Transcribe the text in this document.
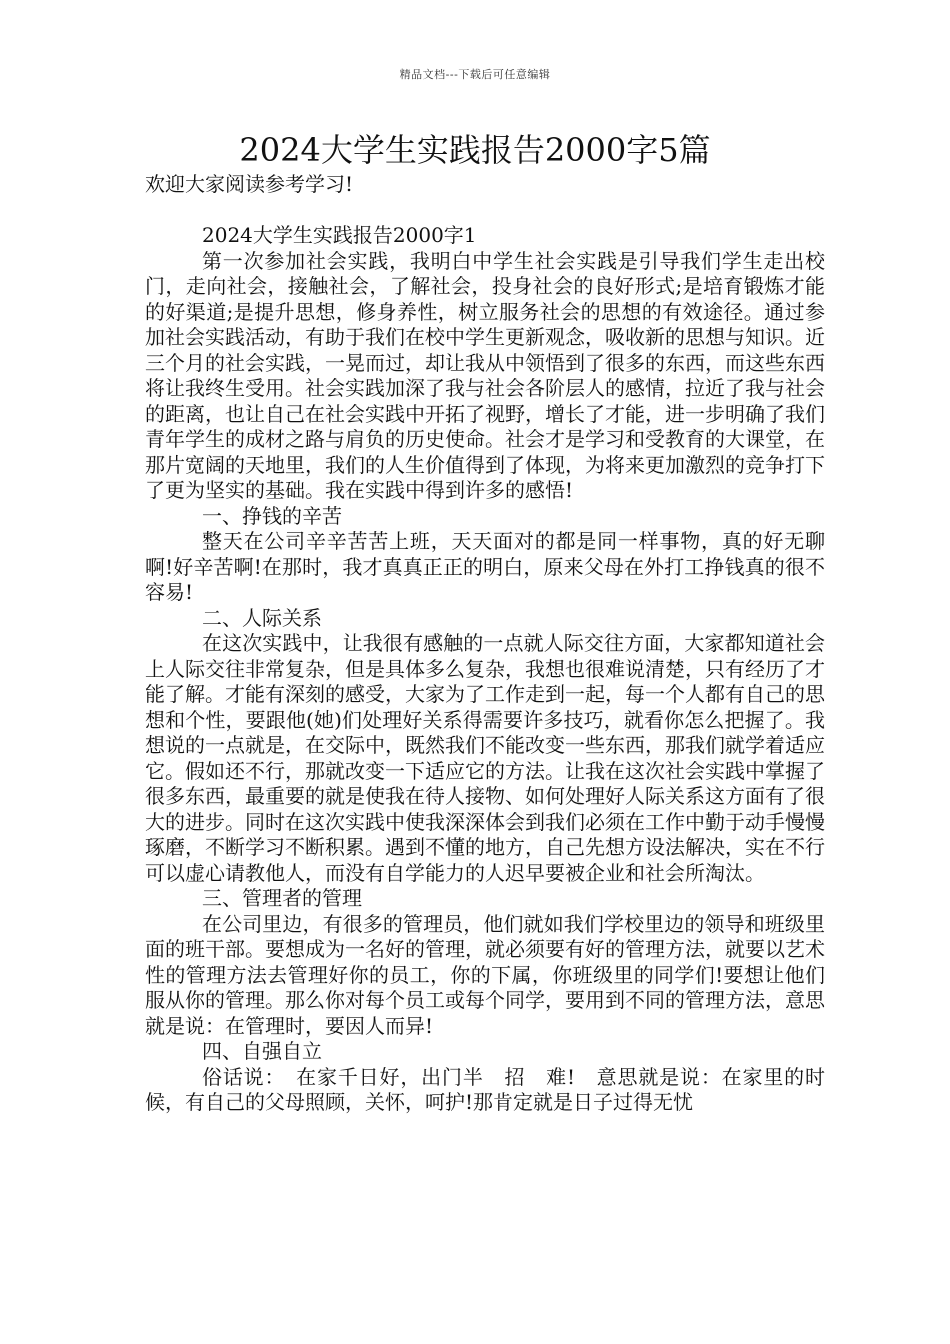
精品文档---下载后可任意编辑
2024大学生实践报告2000字5篇

欢迎大家阅读参考学习!

2024大学生实践报告2000字1

第一次参加社会实践，我明白中学生社会实践是引导我们学生走出校门，走向社会，接触社会，了解社会，投身社会的良好形式;是培育锻炼才能的好渠道;是提升思想，修身养性，树立服务社会的思想的有效途径。通过参加社会实践活动，有助于我们在校中学生更新观念，吸收新的思想与知识。近三个月的社会实践，一晃而过，却让我从中领悟到了很多的东西，而这些东西将让我终生受用。社会实践加深了我与社会各阶层人的感情，拉近了我与社会的距离，也让自己在社会实践中开拓了视野，增长了才能，进一步明确了我们青年学生的成材之路与肩负的历史使命。社会才是学习和受教育的大课堂，在那片宽阔的天地里，我们的人生价值得到了体现，为将来更加激烈的竞争打下了更为坚实的基础。我在实践中得到许多的感悟!

一、挣钱的辛苦

整天在公司辛辛苦苦上班，天天面对的都是同一样事物，真的好无聊啊!好辛苦啊!在那时，我才真真正正的明白，原来父母在外打工挣钱真的很不容易!

二、人际关系

在这次实践中，让我很有感触的一点就人际交往方面，大家都知道社会上人际交往非常复杂，但是具体多么复杂，我想也很难说清楚，只有经历了才能了解。才能有深刻的感受，大家为了工作走到一起，每一个人都有自己的思想和个性，要跟他(她)们处理好关系得需要许多技巧，就看你怎么把握了。我想说的一点就是，在交际中，既然我们不能改变一些东西，那我们就学着适应它。假如还不行，那就改变一下适应它的方法。让我在这次社会实践中掌握了很多东西，最重要的就是使我在待人接物、如何处理好人际关系这方面有了很大的进步。同时在这次实践中使我深深体会到我们必须在工作中勤于动手慢慢琢磨，不断学习不断积累。遇到不懂的地方，自己先想方设法解决，实在不行可以虚心请教他人，而没有自学能力的人迟早要被企业和社会所淘汰。

三、管理者的管理

在公司里边，有很多的管理员，他们就如我们学校里边的领导和班级里面的班干部。要想成为一名好的管理，就必须要有好的管理方法，就要以艺术性的管理方法去管理好你的员工，你的下属，你班级里的同学们!要想让他们服从你的管理。那么你对每个员工或每个同学，要用到不同的管理方法，意思就是说：在管理时，要因人而异!

四、自强自立

俗话说：　在家千日好，出门半　招　难!　意思就是说：在家里的时候，有自己的父母照顾，关怀，呵护!那肯定就是日子过得无忧
